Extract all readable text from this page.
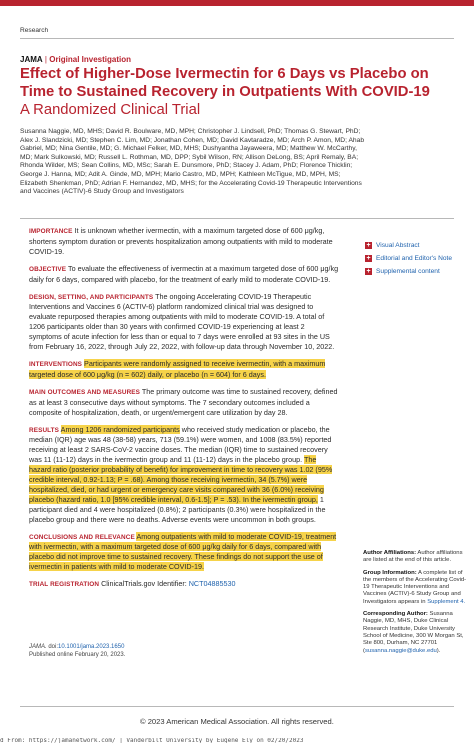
Research
JAMA | Original Investigation
Effect of Higher-Dose Ivermectin for 6 Days vs Placebo on Time to Sustained Recovery in Outpatients With COVID-19
A Randomized Clinical Trial
Susanna Naggie, MD, MHS; David R. Boulware, MD, MPH; Christopher J. Lindsell, PhD; Thomas G. Stewart, PhD; Alex J. Slandzicki, MD; Stephen C. Lim, MD; Jonathan Cohen, MD; David Kavtaradze, MD; Arch P. Amon, MD; Ahab Gabriel, MD; Nina Gentile, MD; G. Michael Felker, MD, MHS; Dushyantha Jayaweera, MD; Matthew W. McCarthy, MD; Mark Sulkowski, MD; Russell L. Rothman, MD, DPP; Sybil Wilson, RN; Allison DeLong, BS; April Remaly, BA; Rhonda Wilder, MS; Sean Collins, MD, MSc; Sarah E. Dunsmore, PhD; Stacey J. Adam, PhD; Florence Thicklin; George J. Hanna, MD; Adit A. Ginde, MD, MPH; Mario Castro, MD, MPH; Kathleen McTigue, MD, MPH, MS; Elizabeth Shenkman, PhD; Adrian F. Hernandez, MD, MHS; for the Accelerating Covid-19 Therapeutic Interventions and Vaccines (ACTIV)-6 Study Group and Investigators
IMPORTANCE It is unknown whether ivermectin, with a maximum targeted dose of 600 μg/kg, shortens symptom duration or prevents hospitalization among outpatients with mild to moderate COVID-19.
OBJECTIVE To evaluate the effectiveness of ivermectin at a maximum targeted dose of 600 μg/kg daily for 6 days, compared with placebo, for the treatment of early mild to moderate COVID-19.
DESIGN, SETTING, AND PARTICIPANTS The ongoing Accelerating COVID-19 Therapeutic Interventions and Vaccines 6 (ACTIV-6) platform randomized clinical trial was designed to evaluate repurposed therapies among outpatients with mild to moderate COVID-19. A total of 1206 participants older than 30 years with confirmed COVID-19 experiencing at least 2 symptoms of acute infection for less than or equal to 7 days were enrolled at 93 sites in the US from February 16, 2022, through July 22, 2022, with follow-up data through November 10, 2022.
INTERVENTIONS Participants were randomly assigned to receive ivermectin, with a maximum targeted dose of 600 μg/kg (n = 602) daily, or placebo (n = 604) for 6 days.
MAIN OUTCOMES AND MEASURES The primary outcome was time to sustained recovery, defined as at least 3 consecutive days without symptoms. The 7 secondary outcomes included a composite of hospitalization, death, or urgent/emergent care utilization by day 28.
RESULTS Among 1206 randomized participants who received study medication or placebo, the median (IQR) age was 48 (38-58) years, 713 (59.1%) were women, and 1008 (83.5%) reported receiving at least 2 SARS-CoV-2 vaccine doses. The median (IQR) time to sustained recovery was 11 (11-12) days in the ivermectin group and 11 (11-12) days in the placebo group. The hazard ratio (posterior probability of benefit) for improvement in time to recovery was 1.02 (95% credible interval, 0.92-1.13; P = .68). Among those receiving ivermectin, 34 (5.7%) were hospitalized, died, or had urgent or emergency care visits compared with 36 (6.0%) receiving placebo (hazard ratio, 1.0 [95% credible interval, 0.6-1.5]; P = .53). In the ivermectin group, 1 participant died and 4 were hospitalized (0.8%); 2 participants (0.3%) were hospitalized in the placebo group and there were no deaths. Adverse events were uncommon in both groups.
CONCLUSIONS AND RELEVANCE Among outpatients with mild to moderate COVID-19, treatment with ivermectin, with a maximum targeted dose of 600 μg/kg daily for 6 days, compared with placebo did not improve time to sustained recovery. These findings do not support the use of ivermectin in patients with mild to moderate COVID-19.
TRIAL REGISTRATION ClinicalTrials.gov Identifier: NCT04885530
+ Visual Abstract
+ Editorial and Editor's Note
+ Supplemental content

Author Affiliations: Author affiliations are listed at the end of this article.

Group Information: A complete list of the members of the Accelerating Covid-19 Therapeutic Interventions and Vaccines (ACTIV)-6 Study Group and Investigators appears in Supplement 4.

Corresponding Author: Susanna Naggie, MD, MHS, Duke Clinical Research Institute, Duke University School of Medicine, 300 W Morgan St, Ste 800, Durham, NC 27701 (susanna.naggie@duke.edu).

JAMA. doi:10.1001/jama.2023.1650
Published online February 20, 2023.
© 2023 American Medical Association. All rights reserved.
d From: https://jamanetwork.com/ | Vanderbilt University by Eugene Ely on 02/20/2023
